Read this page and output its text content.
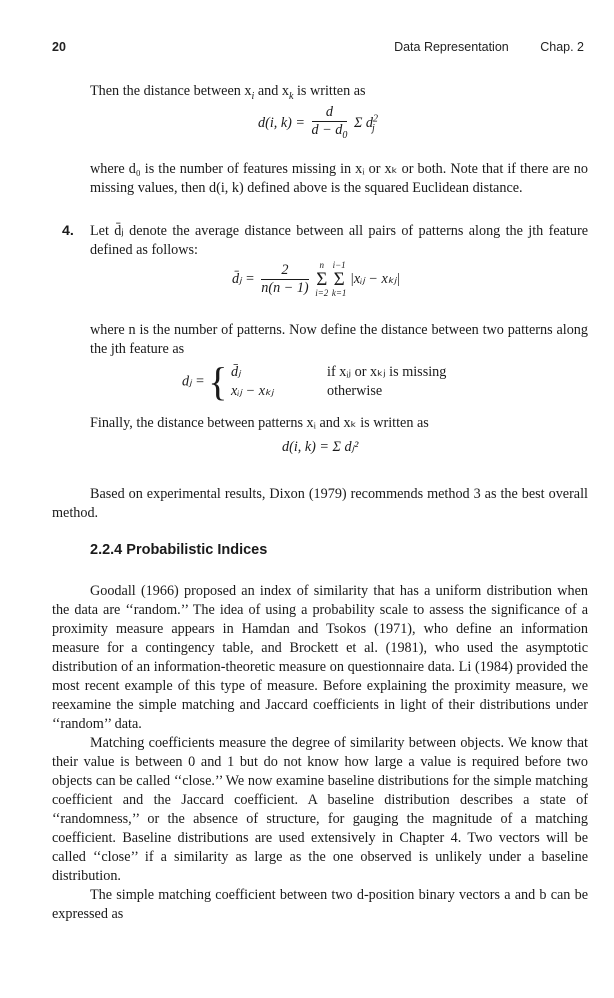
20	Data Representation	Chap. 2
Then the distance between $x_i$ and $x_k$ is written as
d(i, $k) = \frac{d}{d - d_0}$ Σ $d^2_j$
where d₀ is the number of features missing in xᵢ or xₖ or both. Note that if there are no missing values, then d(i, k) defined above is the squared Euclidean distance.
4.	Let d̄ⱼ denote the average distance between all pairs of patterns along the jth feature defined as follows:
d̄ⱼ = $\frac{2}{n(n - 1)}$
	n
Σ
i=2

i−1
Σ
k=1
|xᵢⱼ − xₖⱼ|
where n is the number of patterns. Now define the distance between two patterns along the jth feature as
dⱼ = { d̄ⱼ	if xᵢⱼ or xₖⱼ is missing
xᵢⱼ − xₖⱼ	otherwise
Finally, the distance between patterns xᵢ and xₖ is written as
d(i, k) = Σ dⱼ²
Based on experimental results, Dixon (1979) recommends method 3 as the best overall method.
2.2.4 Probabilistic Indices
Goodall (1966) proposed an index of similarity that has a uniform distribution when the data are ‘‘random.’’ The idea of using a probability scale to assess the significance of a proximity measure appears in Hamdan and Tsokos (1971), who define an information measure for a contingency table, and Brockett et al. (1981), who used the asymptotic distribution of an information-theoretic measure on questionnaire data. Li (1984) provided the most recent example of this type of measure. Before explaining the proximity measure, we reexamine the simple matching and Jaccard coefficients in light of their distributions under ‘‘random’’ data.
Matching coefficients measure the degree of similarity between objects. We know that their value is between 0 and 1 but do not know how large a value is required before two objects can be called ‘‘close.’’ We now examine baseline distributions for the simple matching coefficient and the Jaccard coefficient. A baseline distribution describes a state of ‘‘randomness,’’ or the absence of structure, for gauging the magnitude of a matching coefficient. Baseline distributions are used extensively in Chapter 4. Two vectors will be called ‘‘close’’ if a similarity as large as the one observed is unlikely under a baseline distribution.
The simple matching coefficient between two d-position binary vectors a and b can be expressed as
